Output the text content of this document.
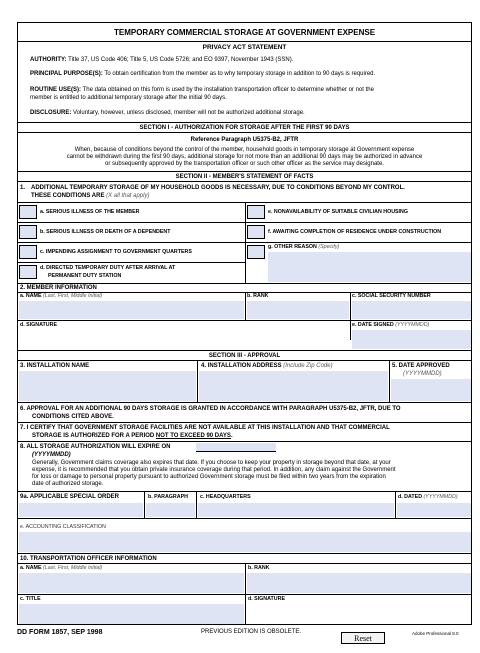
TEMPORARY COMMERCIAL STORAGE AT GOVERNMENT EXPENSE
PRIVACY ACT STATEMENT
AUTHORITY: Title 37, US Code 406; Title 5, US Code 5726; and EO 9397, November 1943 (SSN).
PRINCIPAL PURPOSE(S): To obtain certification from the member as to why temporary storage in addition to 90 days is required.
ROUTINE USE(S): The data obtained on this form is used by the installation transportation officer to determine whether or not the
member is entitled to additional temporary storage after the initial 90 days.
DISCLOSURE: Voluntary, however, unless disclosed, member will not be authorized additional storage.
SECTION I - AUTHORIZATION FOR STORAGE AFTER THE FIRST 90 DAYS
Reference Paragraph U5375-B2, JFTR
When, because of conditions beyond the control of the member, household goods in temporary storage at Government expense
cannot be withdrawn during the first 90 days, additional storage for not more than an additional 90 days may be authorized in advance
or subsequently approved by the transportation officer or such other officer as the service may designate.
SECTION II - MEMBER'S STATEMENT OF FACTS
1. ADDITIONAL TEMPORARY STORAGE OF MY HOUSEHOLD GOODS IS NECESSARY, DUE TO CONDITIONS BEYOND MY CONTROL.
THESE CONDITIONS ARE (X all that apply)
a. SERIOUS ILLNESS OF THE MEMBER
b. SERIOUS ILLNESS OR DEATH OF A DEPENDENT
c. IMPENDING ASSIGNMENT TO GOVERNMENT QUARTERS
d. DIRECTED TEMPORARY DUTY AFTER ARRIVAL AT
PERMANENT DUTY STATION
e. NONAVAILABILITY OF SUITABLE CIVILIAN HOUSING
f. AWAITING COMPLETION OF RESIDENCE UNDER CONSTRUCTION
g. OTHER REASON (Specify)
2. MEMBER INFORMATION
a. NAME (Last, First, Middle Initial)	b. RANK	c. SOCIAL SECURITY NUMBER
d. SIGNATURE	e. DATE SIGNED (YYYYMMDD)
SECTION III - APPROVAL
3. INSTALLATION NAME	4. INSTALLATION ADDRESS (Include Zip Code)	5. DATE APPROVED
(YYYYMMDD)
6. APPROVAL FOR AN ADDITIONAL 90 DAYS STORAGE IS GRANTED IN ACCORDANCE WITH PARAGRAPH U5375-B2, JFTR, DUE TO
CONDITIONS CITED ABOVE.
7. I CERTIFY THAT GOVERNMENT STORAGE FACILITIES ARE NOT AVAILABLE AT THIS INSTALLATION AND THAT COMMERCIAL
STORAGE IS AUTHORIZED FOR A PERIOD NOT TO EXCEED 90 DAYS.
8. ALL STORAGE AUTHORIZATION WILL EXPIRE ON
(YYYYMMDD)
Generally, Government claims coverage also expires that date. If you choose to keep your property in storage beyond that date, at your
expense, it is recommended that you obtain private insurance coverage during that period. In addition, any claim against the Government
for loss or damage to personal property pursuant to authorized Government storage must be filed within two years from the expiration
date of authorized storage.
9a. APPLICABLE SPECIAL ORDER	b. PARAGRAPH c. HEADQUARTERS	d. DATED (YYYYMMDD)
e. ACCOUNTING CLASSIFICATION
10. TRANSPORTATION OFFICER INFORMATION
a. NAME (Last, First, Middle Initial)	b. RANK
c. TITLE	d. SIGNATURE
DD FORM 1857, SEP 1998	PREVIOUS EDITION IS OBSOLETE.
Reset
Adobe Professional 8.0
